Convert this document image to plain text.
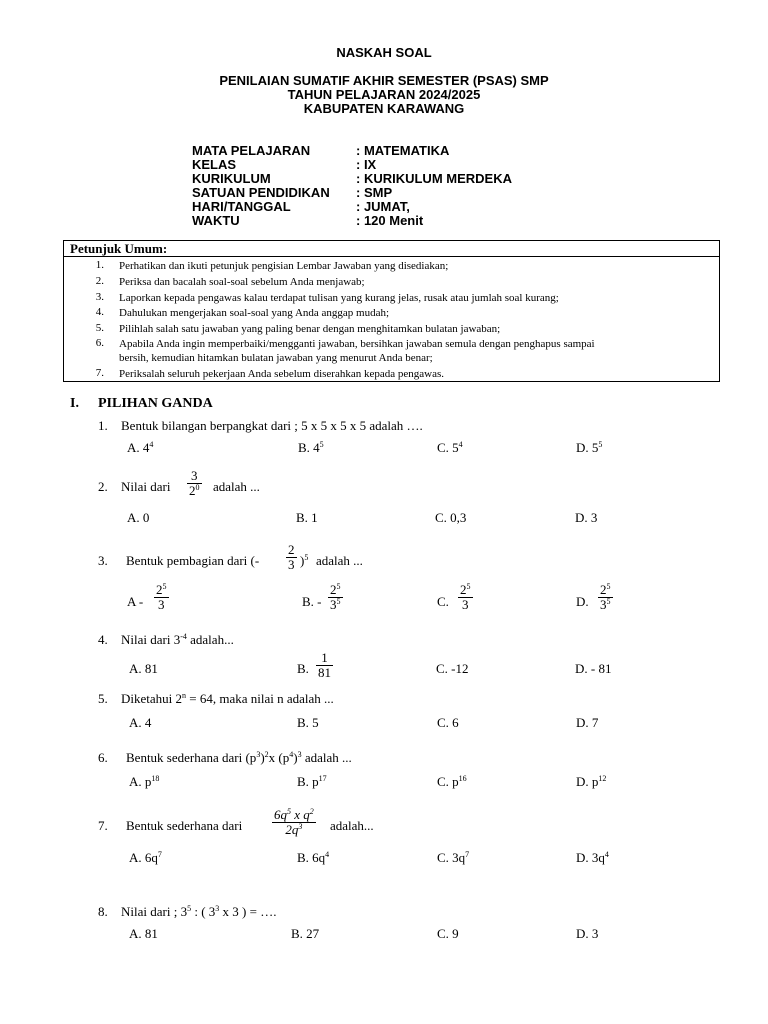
NASKAH SOAL
PENILAIAN SUMATIF AKHIR SEMESTER (PSAS) SMP
TAHUN PELAJARAN 2024/2025
KABUPATEN KARAWANG
MATA PELAJARAN	: MATEMATIKA
KELAS	: IX
KURIKULUM	: KURIKULUM MERDEKA
SATUAN PENDIDIKAN : SMP
HARI/TANGGAL	: JUMAT,
WAKTU	: 120 Menit
Petunjuk Umum:
1. Perhatikan dan ikuti petunjuk pengisian Lembar Jawaban yang disediakan;
2. Periksa dan bacalah soal-soal sebelum Anda menjawab;
3. Laporkan kepada pengawas kalau terdapat tulisan yang kurang jelas, rusak atau jumlah soal kurang;
4. Dahulukan mengerjakan soal-soal yang Anda anggap mudah;
5. Pilihlah salah satu jawaban yang paling benar dengan menghitamkan bulatan jawaban;
6. Apabila Anda ingin memperbaiki/mengganti jawaban, bersihkan jawaban semula dengan penghapus sampai
bersih, kemudian hitamkan bulatan jawaban yang menurut Anda benar;
7. Periksalah seluruh pekerjaan Anda sebelum diserahkan kepada pengawas.
I. PILIHAN GANDA
1. Bentuk bilangan berpangkat dari ; 5 x 5 x 5 x 5 adalah ….
A. $4^4$	B. $4^5$	C. $5^4$	D. $5^5$
2. Nilai dari $\frac{3}{2^0}$ adalah ...
A. 0	B. 1	C. 0,3	D. 3
3. Bentuk pembagian dari (- $\frac{2}{3} )^5$ adalah ...
A - $\frac{2^5}{3}$	B. - $\frac{2^5}{3^5}$	C. $\frac{2^5}{3}$	D. $\frac{2^5}{3^5}$
4. Nilai dari $3^{-4}$ adalah...
A. 81	B. $\frac{1}{81}$	C. -12	D. - 81
5. Diketahui $2^n = 64$, maka nilai n adalah ...
A. 4	B. 5	C. 6	D. 7
6. Bentuk sederhana dari $(p^3)^2x$ $(p^4)^3$ adalah ...
A. $p^{18}$	B. $p^{17}$	C. $p^{16}$	D. $p^{12}$
7. Bentuk sederhana dari $\frac{6q^5 x q^2}{2q^3}$ adalah...
A. $6q^7$	B. $6q^4$	C. $3q^7$	D. $3q^4$
8. Nilai dari ; $3^5$ : ( $3^3$ x 3 ) = ….
A. 81	B. 27	C. 9	D. 3
